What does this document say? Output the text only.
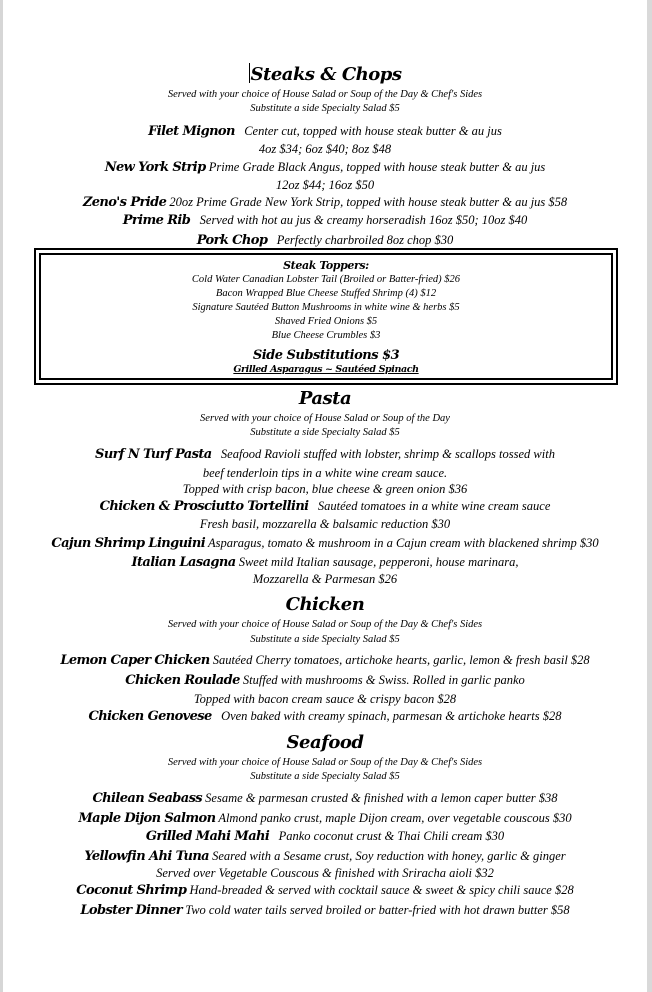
Steaks & Chops
Served with your choice of House Salad or Soup of the Day & Chef's Sides
Substitute a side Specialty Salad $5
Filet Mignon Center cut, topped with house steak butter & au jus
4oz $34; 6oz $40; 8oz $48
New York Strip Prime Grade Black Angus, topped with house steak butter & au jus
12oz $44; 16oz $50
Zeno's Pride 20oz Prime Grade New York Strip, topped with house steak butter & au jus $58
Prime Rib Served with hot au jus & creamy horseradish 16oz $50; 10oz $40
Pork Chop Perfectly charbroiled 8oz chop $30
Steak Toppers:
Cold Water Canadian Lobster Tail (Broiled or Batter-fried) $26
Bacon Wrapped Blue Cheese Stuffed Shrimp (4) $12
Signature Sautéed Button Mushrooms in white wine & herbs $5
Shaved Fried Onions $5
Blue Cheese Crumbles $3
Side Substitutions $3
Grilled Asparagus ~ Sautéed Spinach
Pasta
Served with your choice of House Salad or Soup of the Day
Substitute a side Specialty Salad $5
Surf N Turf Pasta Seafood Ravioli stuffed with lobster, shrimp & scallops tossed with
beef tenderloin tips in a white wine cream sauce.
Topped with crisp bacon, blue cheese & green onion $36
Chicken & Prosciutto Tortellini Sautéed tomatoes in a white wine cream sauce
Fresh basil, mozzarella & balsamic reduction $30
Cajun Shrimp Linguini Asparagus, tomato & mushroom in a Cajun cream with blackened shrimp $30
Italian Lasagna Sweet mild Italian sausage, pepperoni, house marinara,
Mozzarella & Parmesan $26
Chicken
Served with your choice of House Salad or Soup of the Day & Chef's Sides
Substitute a side Specialty Salad $5
Lemon Caper Chicken Sautéed Cherry tomatoes, artichoke hearts, garlic, lemon & fresh basil $28
Chicken Roulade Stuffed with mushrooms & Swiss. Rolled in garlic panko
Topped with bacon cream sauce & crispy bacon $28
Chicken Genovese Oven baked with creamy spinach, parmesan & artichoke hearts $28
Seafood
Served with your choice of House Salad or Soup of the Day & Chef's Sides
Substitute a side Specialty Salad $5
Chilean Seabass Sesame & parmesan crusted & finished with a lemon caper butter $38
Maple Dijon Salmon Almond panko crust, maple Dijon cream, over vegetable couscous $30
Grilled Mahi Mahi Panko coconut crust & Thai Chili cream $30
Yellowfin Ahi Tuna Seared with a Sesame crust, Soy reduction with honey, garlic & ginger
Served over Vegetable Couscous & finished with Sriracha aioli $32
Coconut Shrimp Hand-breaded & served with cocktail sauce & sweet & spicy chili sauce $28
Lobster Dinner Two cold water tails served broiled or batter-fried with hot drawn butter $58
